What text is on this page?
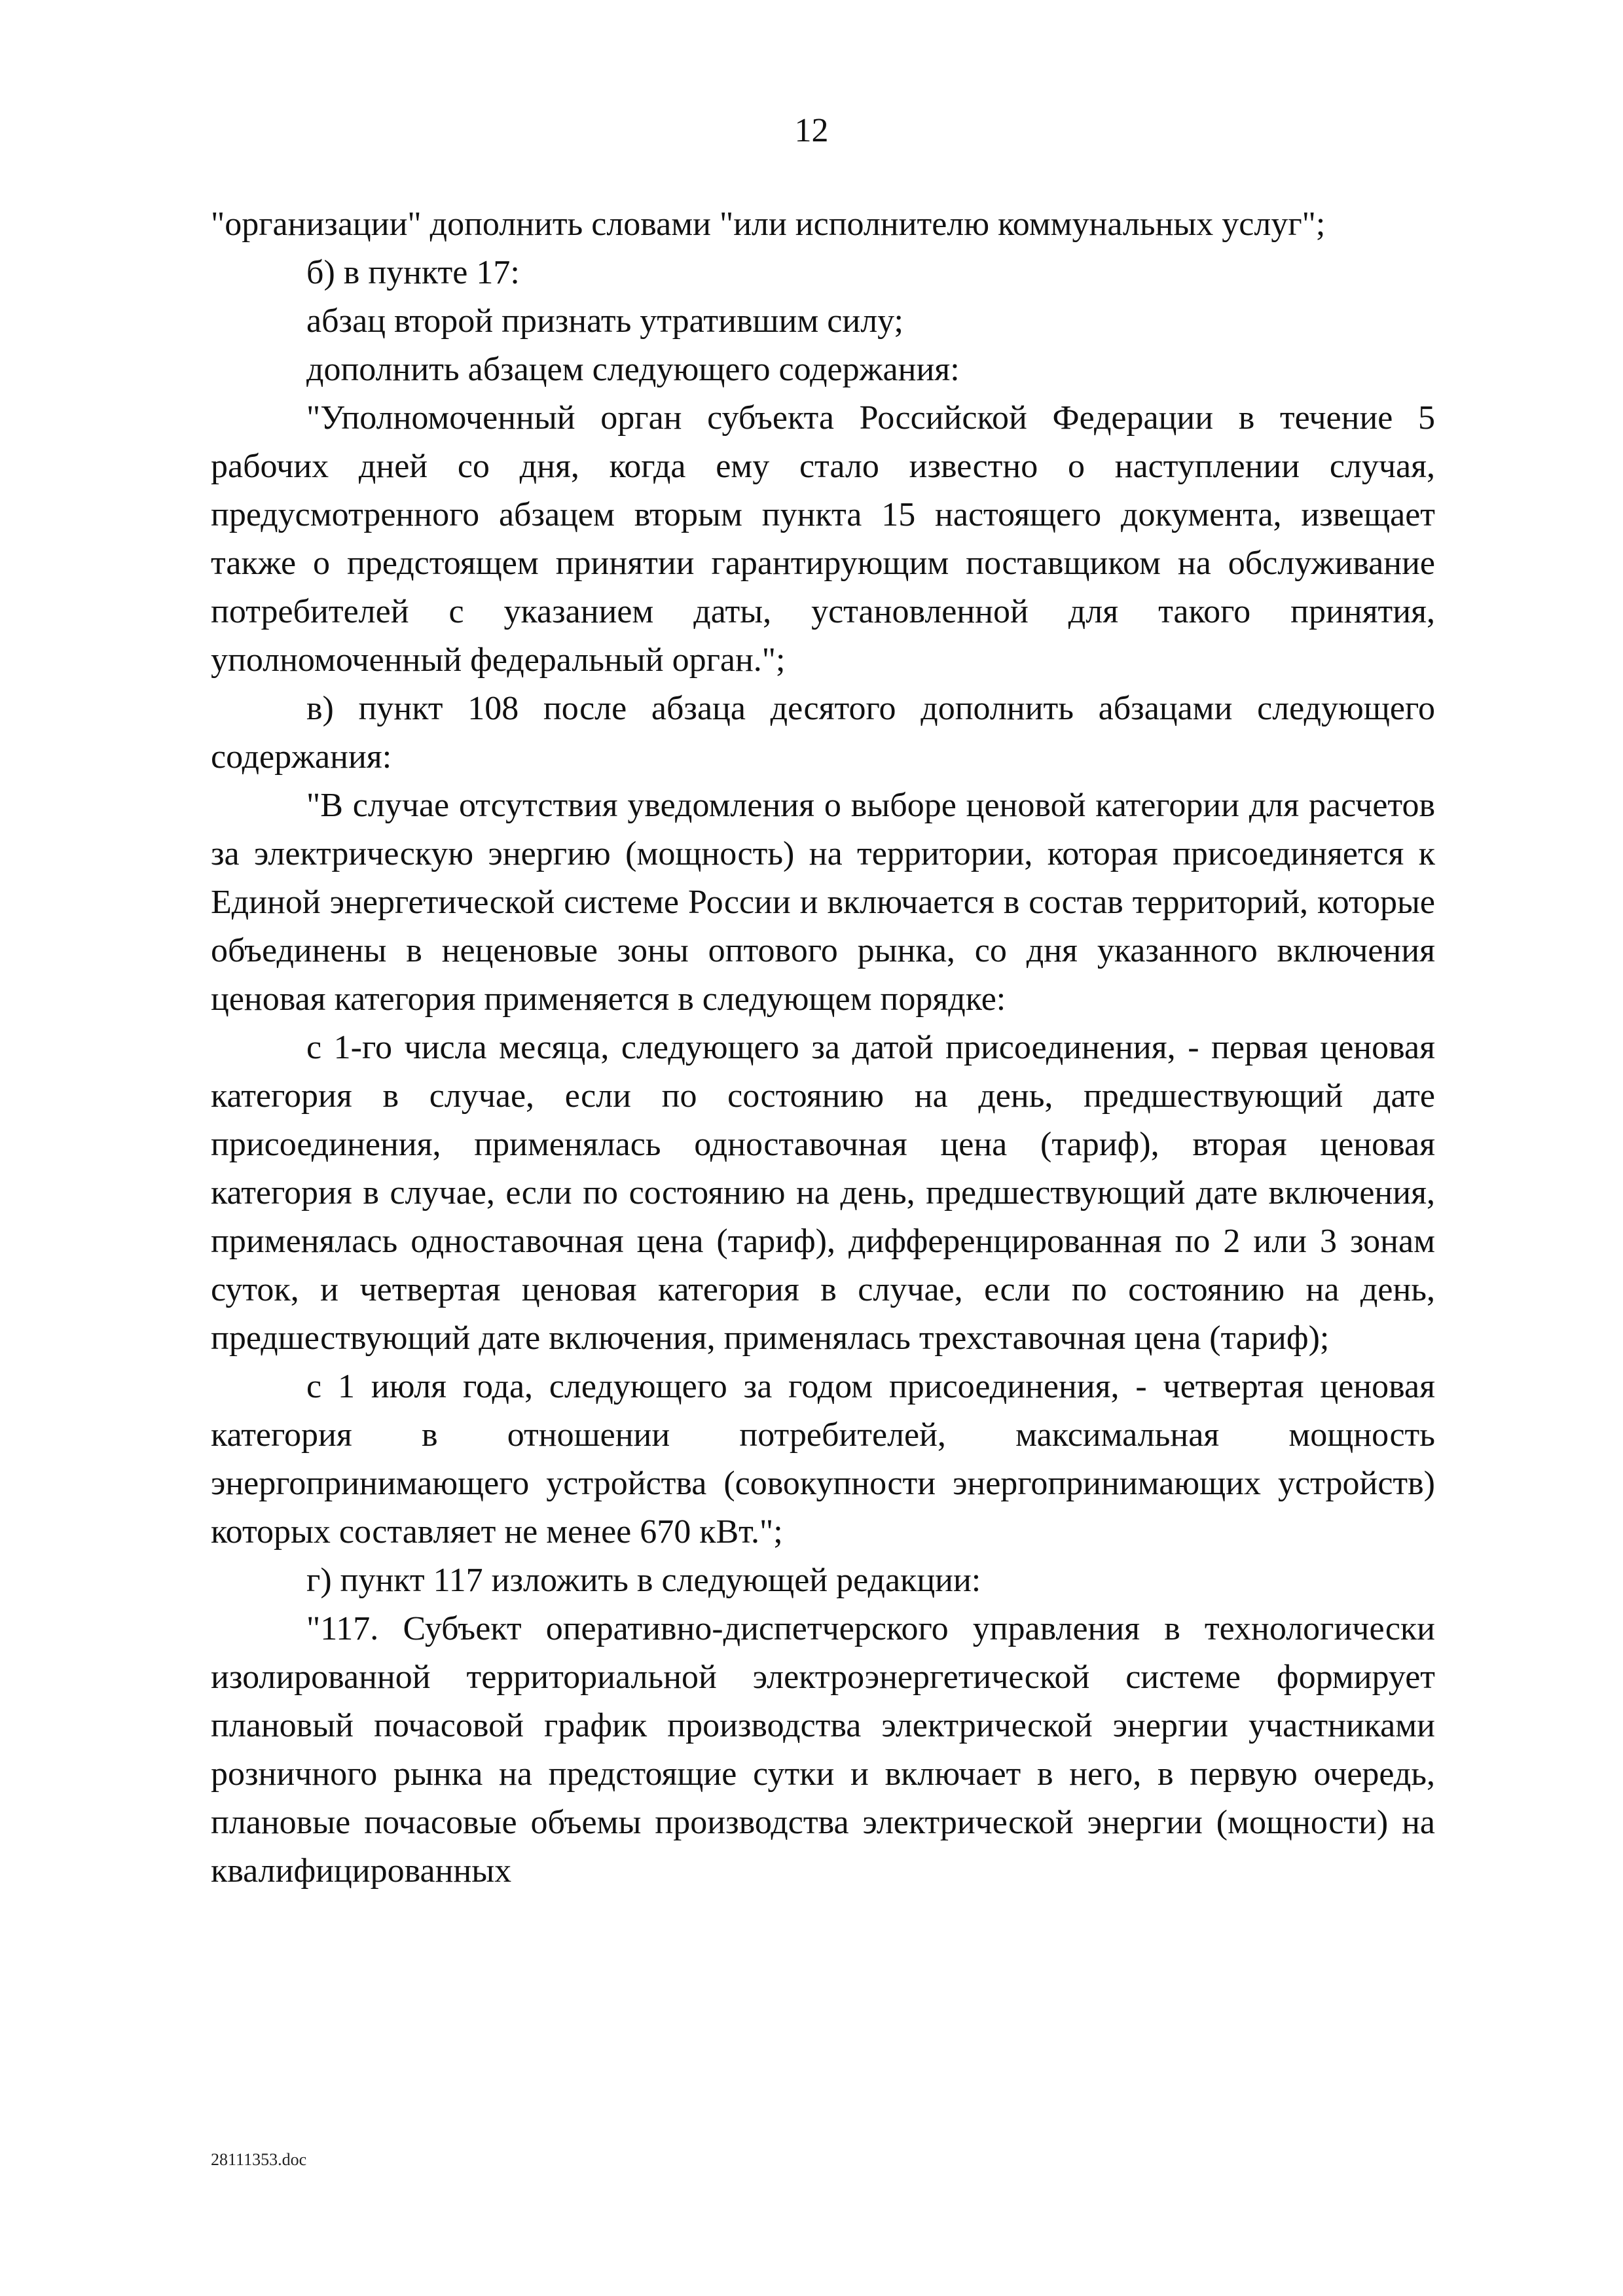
12

"организации" дополнить словами "или исполнителю коммунальных услуг";

б) в пункте 17:

абзац второй признать утратившим силу;

дополнить абзацем следующего содержания:

"Уполномоченный орган субъекта Российской Федерации в течение 5 рабочих дней со дня, когда ему стало известно о наступлении случая, предусмотренного абзацем вторым пункта 15 настоящего документа, извещает также о предстоящем принятии гарантирующим поставщиком на обслуживание потребителей с указанием даты, установленной для такого принятия, уполномоченный федеральный орган.";

в) пункт 108 после абзаца десятого дополнить абзацами следующего содержания:

"В случае отсутствия уведомления о выборе ценовой категории для расчетов за электрическую энергию (мощность) на территории, которая присоединяется к Единой энергетической системе России и включается в состав территорий, которые объединены в неценовые зоны оптового рынка, со дня указанного включения ценовая категория применяется в следующем порядке:

с 1-го числа месяца, следующего за датой присоединения, - первая ценовая категория в случае, если по состоянию на день, предшествующий дате присоединения, применялась одноставочная цена (тариф), вторая ценовая категория в случае, если по состоянию на день, предшествующий дате включения, применялась одноставочная цена (тариф), дифференцированная по 2 или 3 зонам суток, и четвертая ценовая категория в случае, если по состоянию на день, предшествующий дате включения, применялась трехставочная цена (тариф);

с 1 июля года, следующего за годом присоединения, - четвертая ценовая категория в отношении потребителей, максимальная мощность энергопринимающего устройства (совокупности энергопринимающих устройств) которых составляет не менее 670 кВт.";

г) пункт 117 изложить в следующей редакции:

"117. Субъект оперативно-диспетчерского управления в технологически изолированной территориальной электроэнергетической системе формирует плановый почасовой график производства электрической энергии участниками розничного рынка на предстоящие сутки и включает в него, в первую очередь, плановые почасовые объемы производства электрической энергии (мощности) на квалифицированных

28111353.doc
